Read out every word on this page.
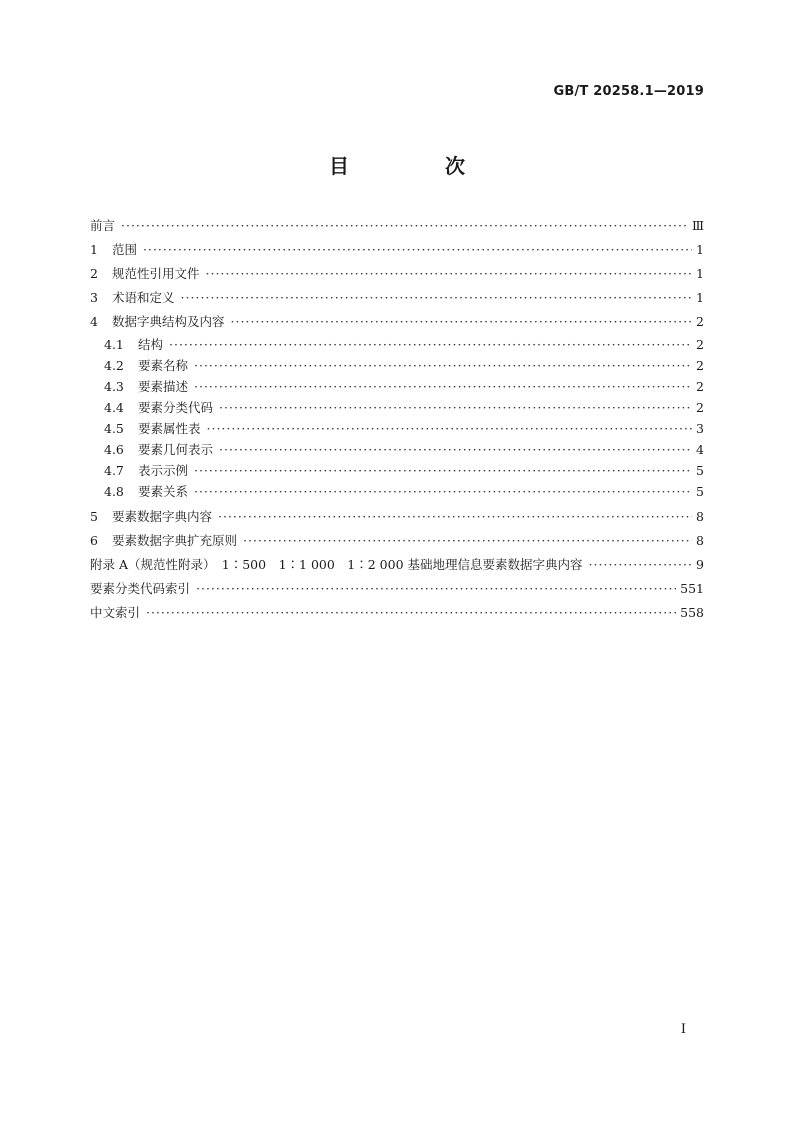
GB/T 20258.1—2019
目　次
前言 ·····	Ⅲ
1	范围 ·····	1
2	规范性引用文件 ·····	1
3	术语和定义 ·····	1
4	数据字典结构及内容 ·····	2
4.1	结构 ·····	2
4.2	要素名称 ·····	2
4.3	要素描述 ·····	2
4.4	要素分类代码 ·····	2
4.5	要素属性表 ·····	3
4.6	要素几何表示 ·····	4
4.7	表示示例 ·····	5
4.8	要素关系 ·····	5
5	要素数据字典内容 ·····	8
6	要素数据字典扩充原则 ·····	8
附录 A（规范性附录）　1∶500　1∶1 000　1∶2 000 基础地理信息要素数据字典内容 ·····	9
要素分类代码索引 ·····	551
中文索引 ·····	558
Ⅰ
